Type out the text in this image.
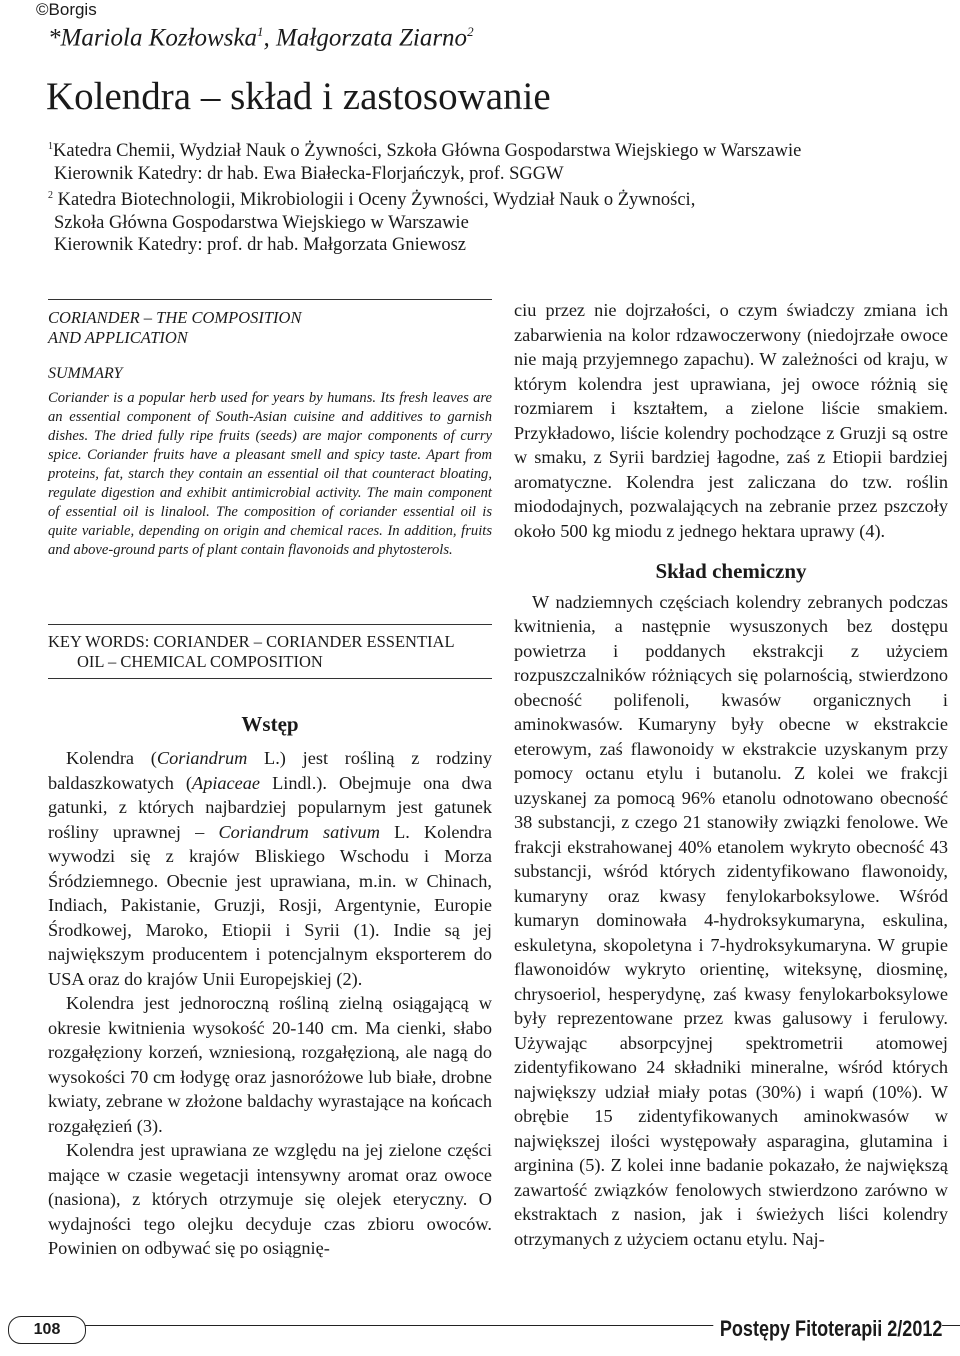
©Borgis
*Mariola Kozłowska$^1$, Małgorzata Ziarno$^2$
Kolendra – skład i zastosowanie
$^1$Katedra Chemii, Wydział Nauk o Żywności, Szkoła Główna Gospodarstwa Wiejskiego w Warszawie
Kierownik Katedry: dr hab. Ewa Białecka-Florjańczyk, prof. SGGW
$^2$ Katedra Biotechnologii, Mikrobiologii i Oceny Żywności, Wydział Nauk o Żywności,
Szkoła Główna Gospodarstwa Wiejskiego w Warszawie
Kierownik Katedry: prof. dr hab. Małgorzata Gniewosz
CORIANDER – THE COMPOSITION
AND APPLICATION
SUMMARY
Coriander is a popular herb used for years by humans. Its fresh leaves are an essential component of South-Asian cuisine and additives to garnish dishes. The dried fully ripe fruits (seeds) are major components of curry spice. Coriander fruits have a pleasant smell and spicy taste. Apart from proteins, fat, starch they contain an essential oil that counteract bloating, regulate digestion and exhibit antimicrobial activity. The main component of essential oil is linalool. The composition of coriander essential oil is quite variable, depending on origin and chemical races. In addition, fruits and above-ground parts of plant contain flavonoids and phytosterols.
KEY WORDS: CORIANDER – CORIANDER ESSENTIAL
OIL – CHEMICAL COMPOSITION
Wstęp

Kolendra (Coriandrum L.) jest rośliną z rodziny baldaszkowatych (Apiaceae Lindl.). Obejmuje ona dwa gatunki, z których najbardziej popularnym jest gatunek rośliny uprawnej – Coriandrum sativum L. Kolendra wywodzi się z krajów Bliskiego Wschodu i Morza Śródziemnego. Obecnie jest uprawiana, m.in. w Chinach, Indiach, Pakistanie, Gruzji, Rosji, Argentynie, Europie Środkowej, Maroko, Etiopii i Syrii (1). Indie są jej największym producentem i potencjalnym eksporterem do USA oraz do krajów Unii Europejskiej (2).

Kolendra jest jednoroczną rośliną zielną osiągającą w okresie kwitnienia wysokość 20-140 cm. Ma cienki, słabo rozgałęziony korzeń, wzniesioną, rozgałęzioną, ale nagą do wysokości 70 cm łodygę oraz jasnoróżowe lub białe, drobne kwiaty, zebrane w złożone baldachy wyrastające na końcach rozgałęzień (3).

Kolendra jest uprawiana ze względu na jej zielone części mające w czasie wegetacji intensywny aromat oraz owoce (nasiona), z których otrzymuje się olejek eteryczny. O wydajności tego olejku decyduje czas zbioru owoców. Powinien on odbywać się po osiągnię-

ciu przez nie dojrzałości, o czym świadczy zmiana ich zabarwienia na kolor rdzawoczerwony (niedojrzałe owoce nie mają przyjemnego zapachu). W zależności od kraju, w którym kolendra jest uprawiana, jej owoce różnią się rozmiarem i kształtem, a zielone liście smakiem. Przykładowo, liście kolendry pochodzące z Gruzji są ostre w smaku, z Syrii bardziej łagodne, zaś z Etiopii bardziej aromatyczne. Kolendra jest zaliczana do tzw. roślin miododajnych, pozwalających na zebranie przez pszczoły około 500 kg miodu z jednego hektara uprawy (4).

Skład chemiczny

W nadziemnych częściach kolendry zebranych podczas kwitnienia, a następnie wysuszonych bez dostępu powietrza i poddanych ekstrakcji z użyciem rozpuszczalników różniących się polarnością, stwierdzono obecność polifenoli, kwasów organicznych i aminokwasów. Kumaryny były obecne w ekstrakcie eterowym, zaś flawonoidy w ekstrakcie uzyskanym przy pomocy octanu etylu i butanolu. Z kolei we frakcji uzyskanej za pomocą 96% etanolu odnotowano obecność 38 substancji, z czego 21 stanowiły związki fenolowe. We frakcji ekstrahowanej 40% etanolem wykryto obecność 43 substancji, wśród których zidentyfikowano flawonoidy, kumaryny oraz kwasy fenylokarboksylowe. Wśród kumaryn dominowała 4-hydroksykumaryna, eskulina, eskuletyna, skopoletyna i 7-hydroksykumaryna. W grupie flawonoidów wykryto orientinę, witeksynę, diosminę, chrysoeriol, hesperydynę, zaś kwasy fenylokarboksylowe były reprezentowane przez kwas galusowy i ferulowy. Używając absorpcyjnej spektrometrii atomowej zidentyfikowano 24 składniki mineralne, wśród których największy udział miały potas (30%) i wapń (10%). W obrębie 15 zidentyfikowanych aminokwasów w największej ilości występowały asparagina, glutamina i arginina (5). Z kolei inne badanie pokazało, że największą zawartość związków fenolowych stwierdzono zarówno w ekstraktach z nasion, jak i świeżych liści kolendry otrzymanych z użyciem octanu etylu. Naj-

108	Postępy Fitoterapii 2/2012
